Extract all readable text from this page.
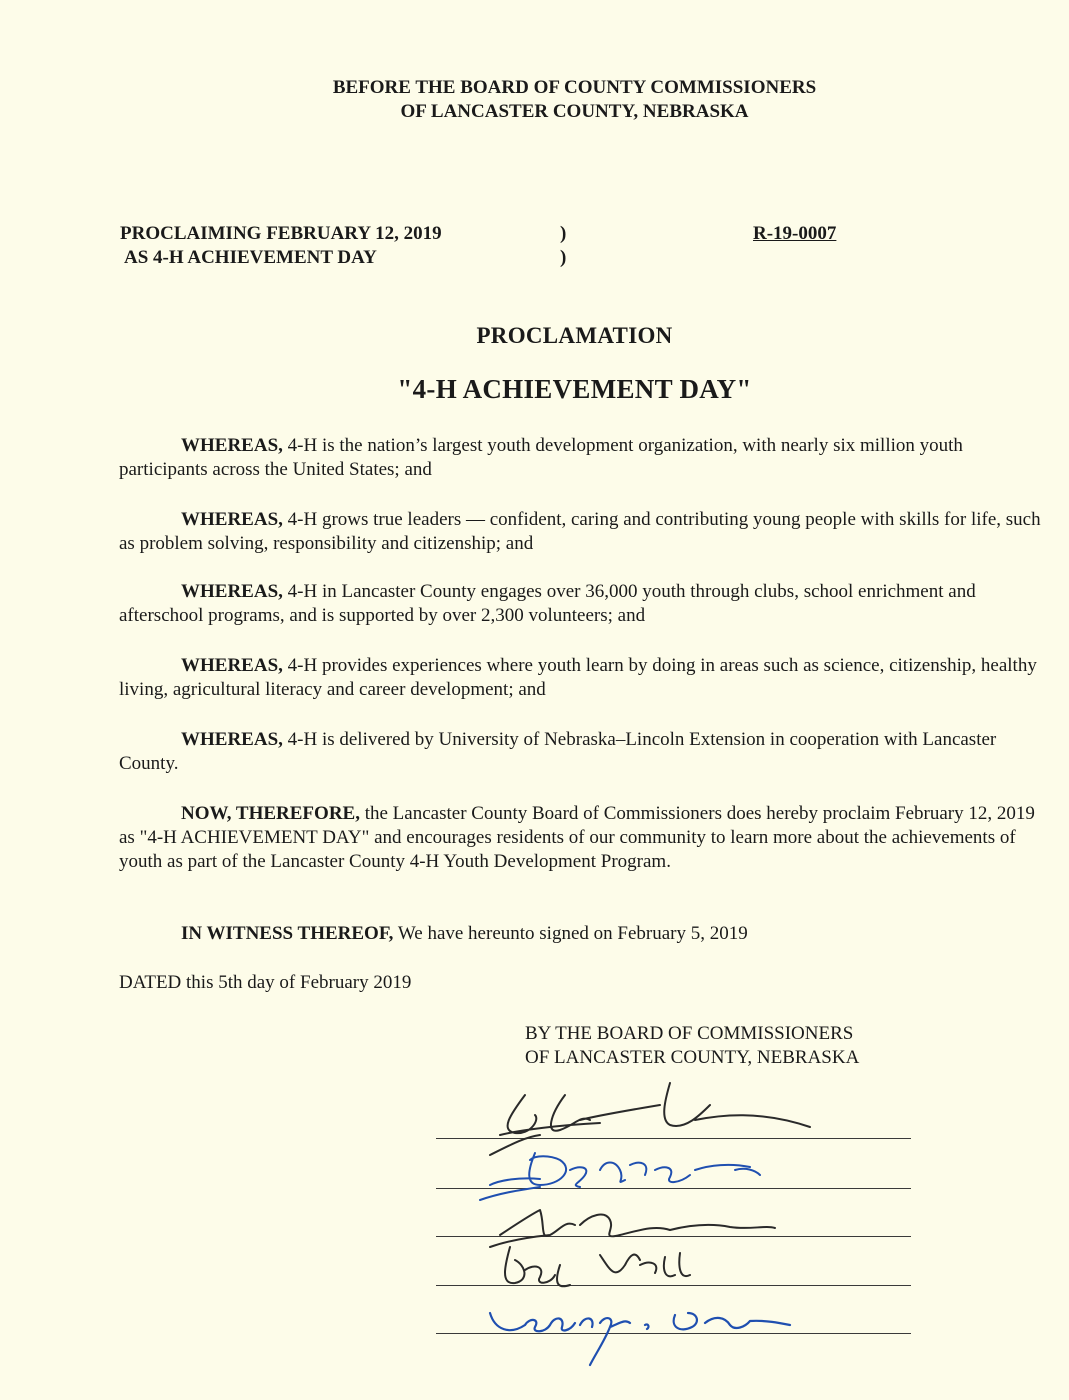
BEFORE THE BOARD OF COUNTY COMMISSIONERS
OF LANCASTER COUNTY, NEBRASKA
PROCLAIMING FEBRUARY 12, 2019
AS 4-H ACHIEVEMENT DAY
)
)
R-19-0007
PROCLAMATION
"4-H ACHIEVEMENT DAY"
WHEREAS, 4-H is the nation’s largest youth development organization, with nearly six million youth participants across the United States; and
WHEREAS, 4-H grows true leaders — confident, caring and contributing young people with skills for life, such as problem solving, responsibility and citizenship; and
WHEREAS, 4-H in Lancaster County engages over 36,000 youth through clubs, school enrichment and afterschool programs, and is supported by over 2,300 volunteers; and
WHEREAS, 4-H provides experiences where youth learn by doing in areas such as science, citizenship, healthy living, agricultural literacy and career development; and
WHEREAS, 4-H is delivered by University of Nebraska–Lincoln Extension in cooperation with Lancaster County.
NOW, THEREFORE, the Lancaster County Board of Commissioners does hereby proclaim February 12, 2019 as "4-H ACHIEVEMENT DAY" and encourages residents of our community to learn more about the achievements of youth as part of the Lancaster County 4-H Youth Development Program.
IN WITNESS THEREOF, We have hereunto signed on February 5, 2019
DATED this 5th day of February 2019
BY THE BOARD OF COMMISSIONERS
OF LANCASTER COUNTY, NEBRASKA
